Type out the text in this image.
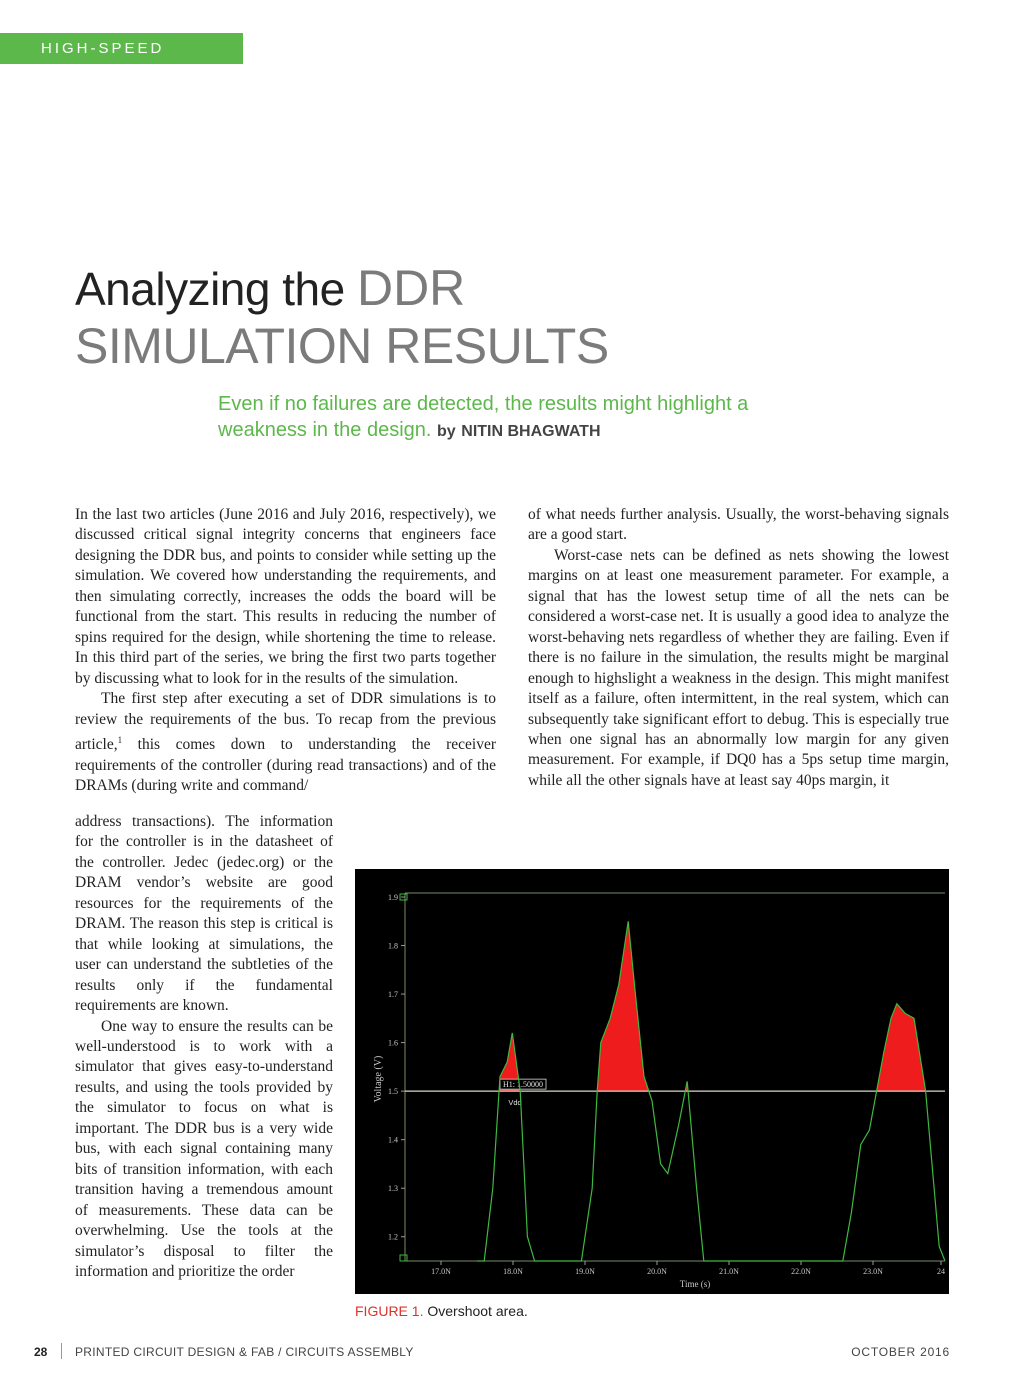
HIGH-SPEED DESIGN
Analyzing the DDR
SIMULATION RESULTS
Even if no failures are detected, the results might highlight a weakness in the design. by NITIN BHAGWATH

In the last two articles (June 2016 and July 2016, respectively), we discussed critical signal integrity concerns that engineers face designing the DDR bus, and points to consider while setting up the simulation. We covered how understanding the requirements, and then simulating correctly, increases the odds the board will be functional from the start. This results in reducing the number of spins required for the design, while shortening the time to release. In this third part of the series, we bring the first two parts together by discussing what to look for in the results of the simulation.

The first step after executing a set of DDR simulations is to review the requirements of the bus. To recap from the previous article,$^1$ this comes down to understanding the receiver requirements of the controller (during read transactions) and of the DRAMs (during write and command/

address transactions). The information for the controller is in the datasheet of the controller. Jedec (jedec.org) or the DRAM vendor’s website are good resources for the requirements of the DRAM. The reason this step is critical is that while looking at simulations, the user can understand the subtleties of the results only if the fundamental requirements are known.

One way to ensure the results can be well-understood is to work with a simulator that gives easy-to-understand results, and using the tools provided by the simulator to focus on what is important. The DDR bus is a very wide bus, with each signal containing many bits of transition information, with each transition having a tremendous amount of measurements. These data can be overwhelming. Use the tools at the simulator’s disposal to filter the information and prioritize the order

of what needs further analysis. Usually, the worst-behaving signals are a good start.

Worst-case nets can be defined as nets showing the lowest margins on at least one measurement parameter. For example, a signal that has the lowest setup time of all the nets can be considered a worst-case net. It is usually a good idea to analyze the worst-behaving nets regardless of whether they are failing. Even if there is no failure in the simulation, the results might be marginal enough to highslight a weakness in the design. This might manifest itself as a failure, often intermittent, in the real system, which can subsequently take significant effort to debug. This is especially true when one signal has an abnormally low margin for any given measurement. For example, if DQ0 has a 5ps setup time margin, while all the other signals have at least say 40ps margin, it

1.9
1.8
1.7
1.6
1.5
1.4
1.3
1.2
17.0N	18.0N	19.0N	20.0N	21.0N	22.0N	23.0N	24
H1: 1.50000
Vdd
Voltage (V)
Time (s)
FIGURE 1. Overshoot area.
28 PRINTED CIRCUIT DESIGN & FAB / CIRCUITS ASSEMBLY	OCTOBER 2016
